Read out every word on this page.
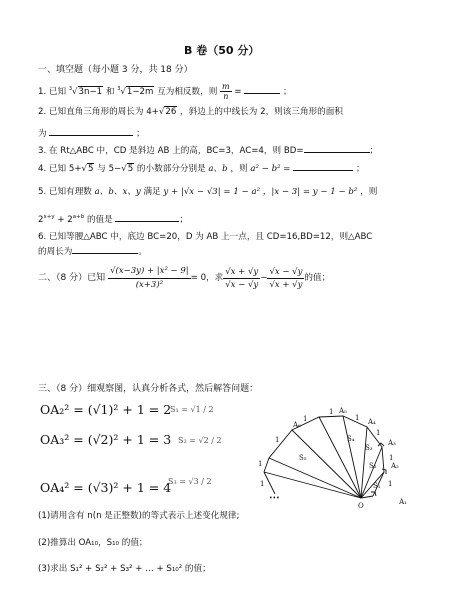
B 卷（50 分）
一、填空题（每小题 3 分，共 18 分）
1. 已知 $^3$√3n−1 和 $^3$√1−2m 互为相反数，则 $\frac{m}{n}$ =	；
2. 已知直角三角形的周长为 4+√26 ，斜边上的中线长为 2，则该三角形的面积
为	；
3. 在 Rt△ABC 中，CD 是斜边 AB 上的高，BC=3，AC=4，则 BD=	；
4. 已知 5+√5 与 5−√5 的小数部分分别是 a、b ，则 a² − b² =	；
5. 已知有理数 a、b、x、y 满足 y + |√x − √3| = 1 − a² ，|x − 3| = y − 1 − b² ，则
$2^{x+y} + 2^{a+b}$ 的值是	；
6. 已知等腰△ABC 中，底边 BC=20，D 为 AB 上一点，且 CD=16,BD=12，则△ABC
的周长为	。
二、（8 分）已知 $\frac{\text{√(x−3y) + |x² − 9|}}{\text{(x+3)²}} = 0$，求 $\frac{√x + √y}{√x - √y} - \frac{√x - √y}{√x + √y}$ 的值；
三、（8 分）细观察图，认真分析各式，然后解答问题：
OA₂² = (√1)² + 1 = 2
S₁ = √1 / 2
OA₃² = (√2)² + 1 = 3 S₂ = √2 / 2
OA₄² = (√3)² + 1 = 4
S₃ = √3 / 2
A₁
A₂
A₃
A₄
A₅
A₆
S₁
S₂
S₃
S₄
S₅
O
1
1
1
1
1
1
1
1
1
•••
(1)请用含有 n(n 是正整数)的等式表示上述变化规律;
(2)推算出 OA₁₀，S₁₀ 的值；
(3)求出 S₁² + S₂² + S₃² + … + S₁₀² 的值；
